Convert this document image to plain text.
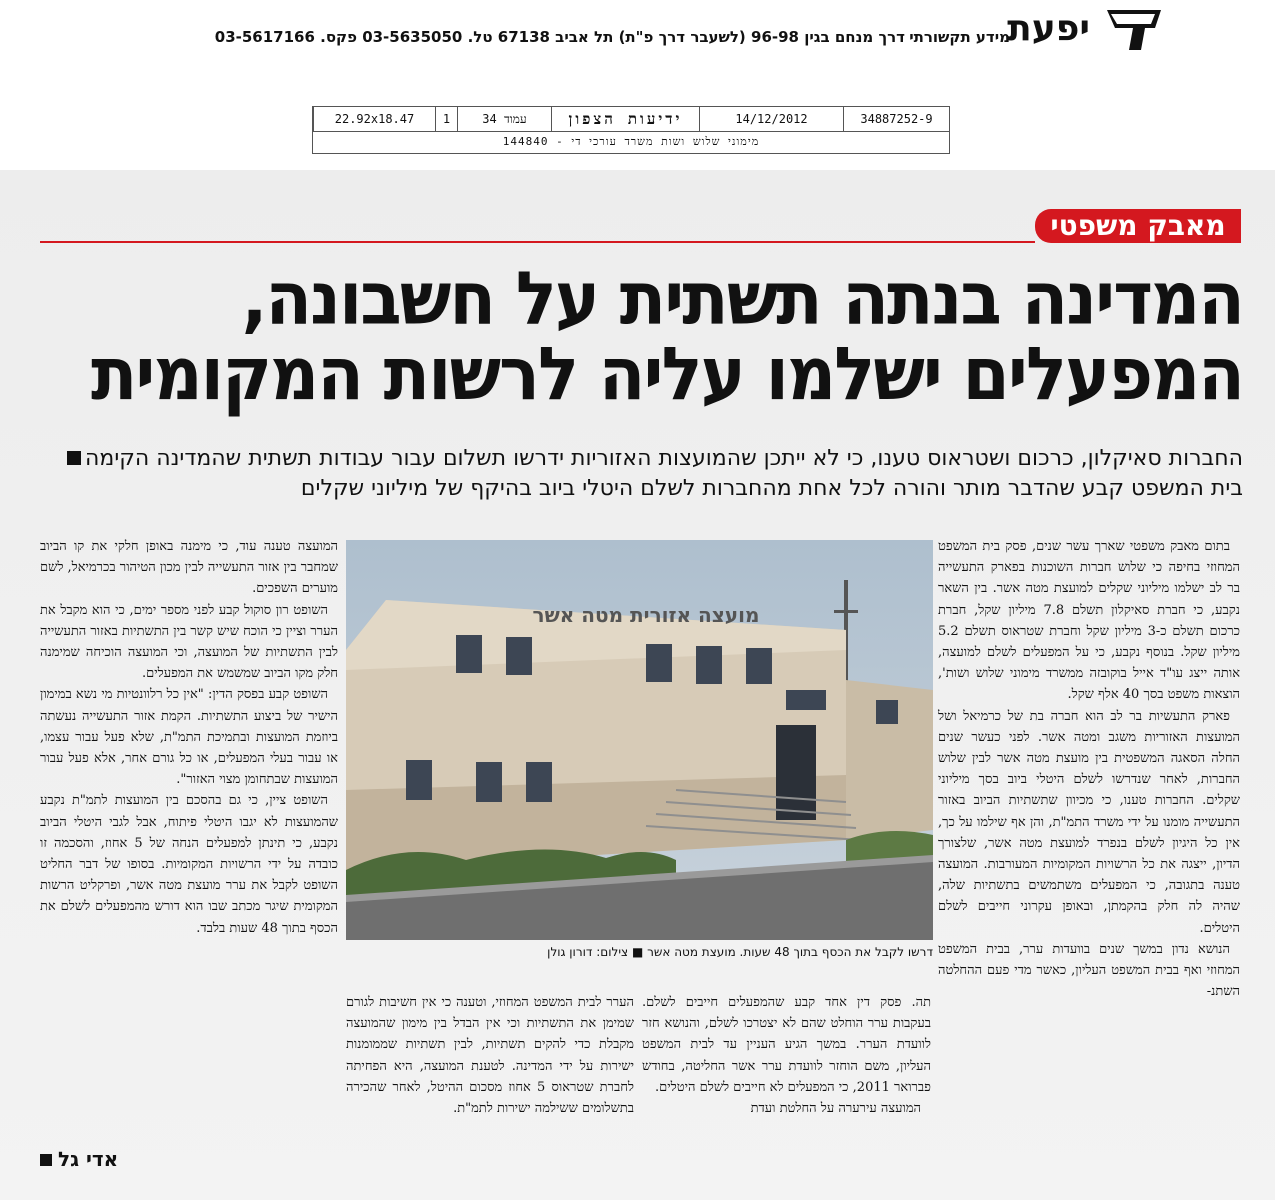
יפעת
מידע תקשורתי
דרך מנחם בגין 96-98 (לשעבר דרך פ"ת) תל אביב 67138 טל. 03-5635050 פקס. 03-5617166
22.92x18.47	1	עמוד 34	ידיעות הצפון	14/12/2012	34887252-9
מימוני שלוש ושות משרד עורכי די - 144840
מאבק משפטי
המדינה בנתה תשתית על חשבונה,
המפעלים ישלמו עליה לרשות המקומית
החברות סאיקלון, כרכום ושטראוס טענו, כי לא ייתכן שהמועצות האזוריות ידרשו תשלום עבור עבודות תשתית שהמדינה הקימה
בית המשפט קבע שהדבר מותר והורה לכל אחת מהחברות לשלם היטלי ביוב בהיקף של מיליוני שקלים

בתום מאבק משפטי שארך עשר שנים, פסק בית המשפט המחוזי בחיפה כי שלוש חברות השוכנות בפארק התעשייה בר לב ישלמו מיליוני שקלים למועצת מטה אשר. בין השאר נקבע, כי חברת סאיקלון תשלם 7.8 מיליון שקל, חברת כרכום תשלם כ-3 מיליון שקל וחברת שטראוס תשלם 5.2 מיליון שקל. בנוסף נקבע, כי על המפעלים לשלם למועצה, אותה ייצג עו"ד אייל בוקובזה ממשרד מימוני שלוש ושות', הוצאות משפט בסך 40 אלף שקל.

פארק התעשיות בר לב הוא חברה בת של כרמיאל ושל המועצות האזוריות משגב ומטה אשר. לפני כעשר שנים החלה הסאגה המשפטית בין מועצת מטה אשר לבין שלוש החברות, לאחר שנדרשו לשלם היטלי ביוב בסך מיליוני שקלים. החברות טענו, כי מכיוון שתשתיות הביוב באזור התעשייה מומנו על ידי משרד התמ"ת, והן אף שילמו על כך, אין כל היגיון לשלם בנפרד למועצת מטה אשר, שלצורך הדיון, ייצגה את כל הרשויות המקומיות המעורבות. המועצה טענה בתגובה, כי המפעלים משתמשים בתשתיות שלה, שהיה לה חלק בהקמתן, ובאופן עקרוני חייבים לשלם היטלים.

הנושא נדון במשך שנים בוועדות ערר, בבית המשפט המחוזי ואף בבית המשפט העליון, כאשר מדי פעם ההחלטה השתנ-

מועצה אזורית מטה אשר
דרשו לקבל את הכסף בתוך 48 שעות. מועצת מטה אשר ■ צילום: דורון גולן

תה. פסק דין אחד קבע שהמפעלים חייבים לשלם. בעקבות ערר הוחלט שהם לא יצטרכו לשלם, והנושא חזר לוועדת הערר. במשך הגיע העניין עד לבית המשפט העליון, משם הוחזר לוועדת ערר אשר החליטה, בחודש פברואר 2011, כי המפעלים לא חייבים לשלם היטלים.

המועצה עירערה על החלטת ועדת

הערר לבית המשפט המחוזי, וטענה כי אין חשיבות לגורם שמימן את התשתיות וכי אין הבדל בין מימון שהמועצה מקבלת כדי להקים תשתיות, לבין תשתיות שממומנות ישירות על ידי המדינה. לטענת המועצה, היא הפחיתה לחברת שטראוס 5 אחוז מסכום ההיטל, לאחר שהכירה בתשלומים ששילמה ישירות לתמ"ת.

המועצה טענה עוד, כי מימנה באופן חלקי את קו הביוב שמחבר בין אזור התעשייה לבין מכון הטיהור בכרמיאל, לשם מוערים השפכים.

השופט רון סוקול קבע לפני מספר ימים, כי הוא מקבל את הערר וציין כי הוכח שיש קשר בין התשתיות באזור התעשייה לבין התשתיות של המועצה, וכי המועצה הוכיחה שמימנה חלק מקו הביוב שמשמש את המפעלים.

השופט קבע בפסק הדין: "אין כל רלוונטיות מי נשא במימון הישיר של ביצוע התשתיות. הקמת אזור התעשייה נעשתה ביוזמת המועצות ובתמיכת התמ"ת, שלא פעל עבור עצמו, או עבור בעלי המפעלים, או כל גורם אחר, אלא פעל עבור המועצות שבתחומן מצוי האזור".

השופט ציין, כי גם בהסכם בין המועצות לתמ"ת נקבע שהמועצות לא יגבו היטלי פיתוח, אבל לגבי היטלי הביוב נקבע, כי תינתן למפעלים הנחה של 5 אחוז, והסכמה זו כובדה על ידי הרשויות המקומיות. בסופו של דבר החליט השופט לקבל את ערר מועצת מטה אשר, ופרקליט הרשות המקומית שיגר מכתב שבו הוא דורש מהמפעלים לשלם את הכסף בתוך 48 שעות בלבד.

אדי גל
